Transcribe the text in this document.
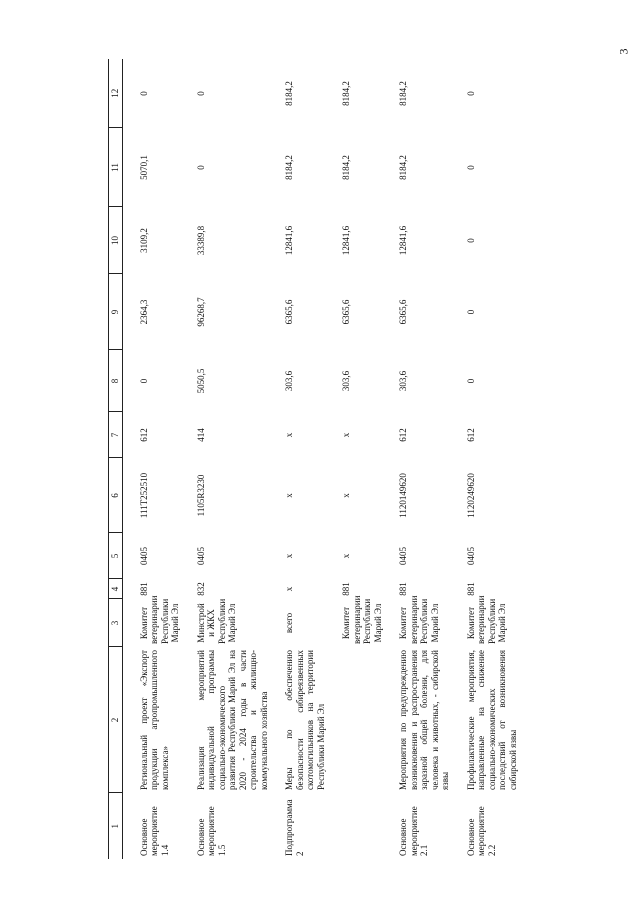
3
1	2	3	4	5	6	7	8	9	10	11	12
Основное мероприятие 1.4	Региональный проект «Экспорт продукции агропромышленного комплекса»	Комитет ветеринарии Республики Марий Эл	881	0405	111T252510	612	0	2364,3	3109,2	5070,1	0
Основное мероприятие 1.5	Реализация мероприятий индивидуальной программы социально-экономического развития Республики Марий Эл на 2020 - 2024 годы в части строительства и жилищно-коммунального хозяйства	Минстрой и ЖКХ Республики Марий Эл	832	0405	1105R3230	414	5050,5	96268,7	33389,8	0	0
Подпрограмма 2	Меры по обеспечению безопасности сибиреязвенных скотомогильников на территории Республики Марий Эл	всего	x	x	x	x	303,6	6365,6	12841,6	8184,2	8184,2
		Комитет ветеринарии Республики Марий Эл	881	x	x	x	303,6	6365,6	12841,6	8184,2	8184,2
Основное мероприятие 2.1	Мероприятия по предупреждению возникновения и распространения заразной общей болезни, для человека и животных, - сибирской язвы	Комитет ветеринарии Республики Марий Эл	881	0405	1120149620	612	303,6	6365,6	12841,6	8184,2	8184,2
Основное мероприятие 2.2	Профилактические мероприятия, направленные на снижение социально-экономических последствий от возникновения сибирской язвы	Комитет ветеринарии Республики Марий Эл	881	0405	1120249620	612	0	0	0	0	0
